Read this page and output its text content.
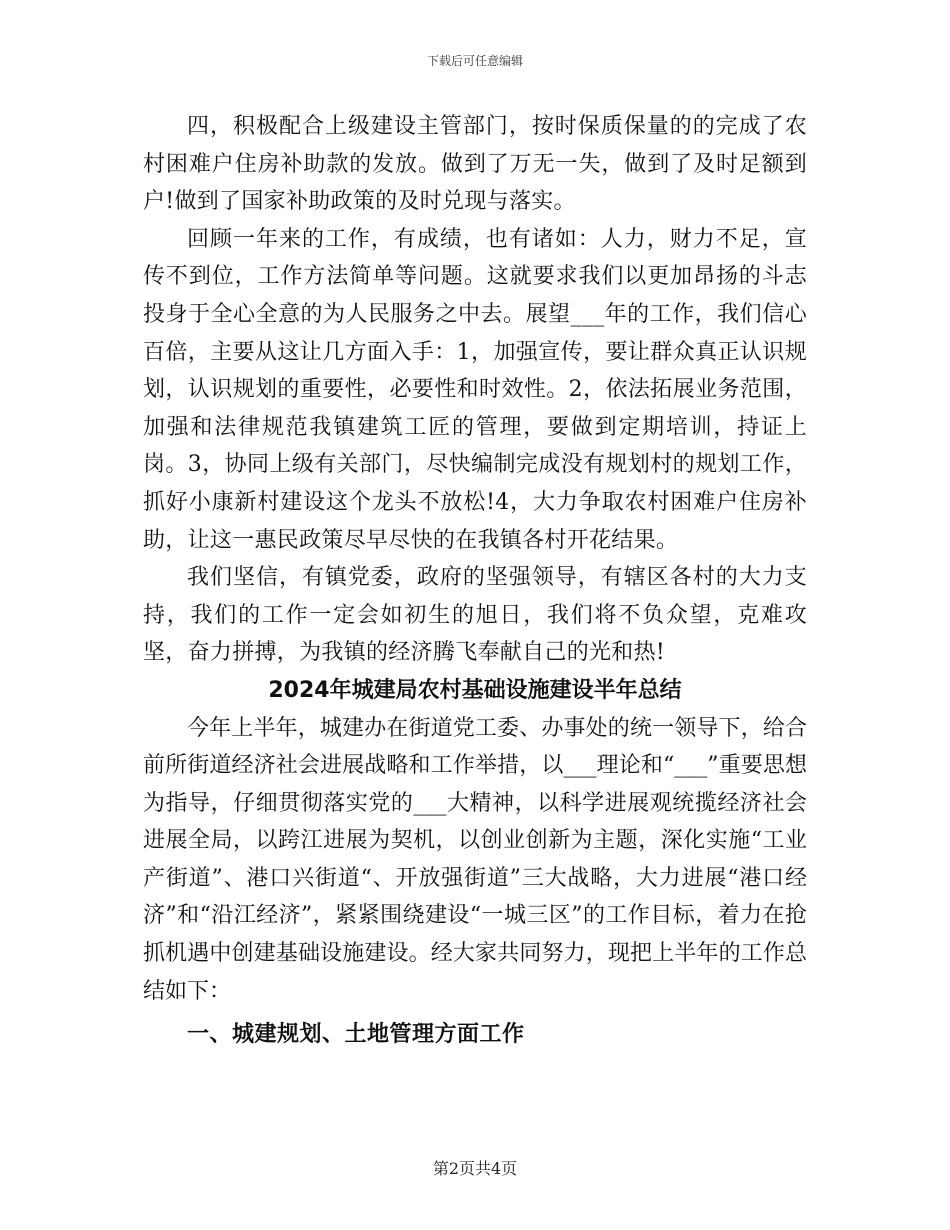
下载后可任意编辑

四，积极配合上级建设主管部门，按时保质保量的的完成了农村困难户住房补助款的发放。做到了万无一失，做到了及时足额到户!做到了国家补助政策的及时兑现与落实。

回顾一年来的工作，有成绩，也有诸如：人力，财力不足，宣传不到位，工作方法简单等问题。这就要求我们以更加昂扬的斗志投身于全心全意的为人民服务之中去。展望___年的工作，我们信心百倍，主要从这让几方面入手：1，加强宣传，要让群众真正认识规划，认识规划的重要性，必要性和时效性。2，依法拓展业务范围，加强和法律规范我镇建筑工匠的管理，要做到定期培训，持证上岗。3，协同上级有关部门，尽快编制完成没有规划村的规划工作，抓好小康新村建设这个龙头不放松!4，大力争取农村困难户住房补助，让这一惠民政策尽早尽快的在我镇各村开花结果。

我们坚信，有镇党委，政府的坚强领导，有辖区各村的大力支持，我们的工作一定会如初生的旭日，我们将不负众望，克难攻坚，奋力拼搏，为我镇的经济腾飞奉献自己的光和热!

2024年城建局农村基础设施建设半年总结

今年上半年，城建办在街道党工委、办事处的统一领导下，给合前所街道经济社会进展战略和工作举措，以___理论和“___”重要思想为指导，仔细贯彻落实党的___大精神，以科学进展观统揽经济社会进展全局，以跨江进展为契机，以创业创新为主题，深化实施“工业产街道”、港口兴街道“、开放强街道”三大战略，大力进展“港口经济”和“沿江经济”，紧紧围绕建设“一城三区”的工作目标，着力在抢抓机遇中创建基础设施建设。经大家共同努力，现把上半年的工作总结如下：

一、城建规划、土地管理方面工作
第2页共4页
